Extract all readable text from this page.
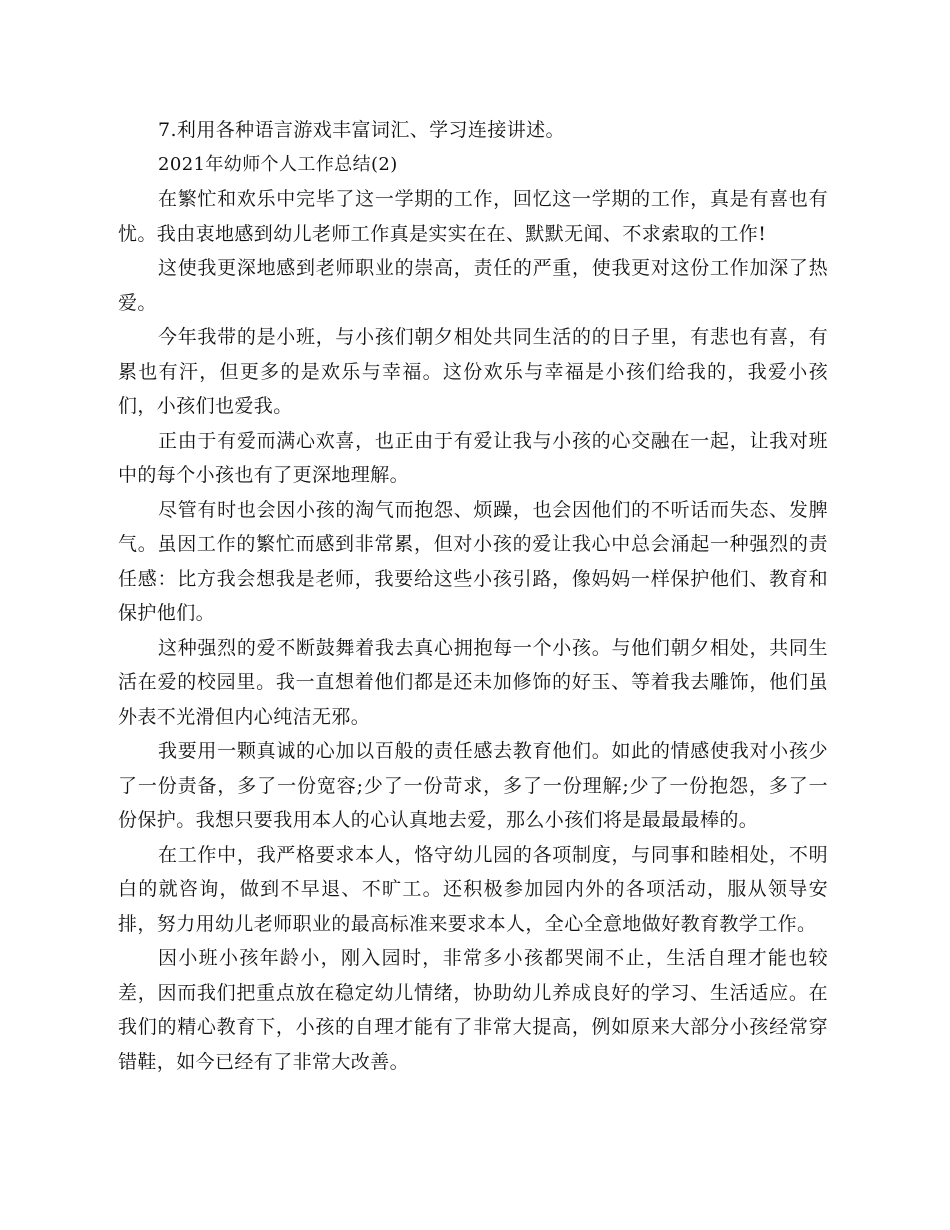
7.利用各种语言游戏丰富词汇、学习连接讲述。

2021年幼师个人工作总结(2)

在繁忙和欢乐中完毕了这一学期的工作，回忆这一学期的工作，真是有喜也有忧。我由衷地感到幼儿老师工作真是实实在在、默默无闻、不求索取的工作!

这使我更深地感到老师职业的崇高，责任的严重，使我更对这份工作加深了热爱。

今年我带的是小班，与小孩们朝夕相处共同生活的的日子里，有悲也有喜，有累也有汗，但更多的是欢乐与幸福。这份欢乐与幸福是小孩们给我的，我爱小孩们，小孩们也爱我。

正由于有爱而满心欢喜，也正由于有爱让我与小孩的心交融在一起，让我对班中的每个小孩也有了更深地理解。

尽管有时也会因小孩的淘气而抱怨、烦躁，也会因他们的不听话而失态、发脾气。虽因工作的繁忙而感到非常累，但对小孩的爱让我心中总会涌起一种强烈的责任感：比方我会想我是老师，我要给这些小孩引路，像妈妈一样保护他们、教育和保护他们。

这种强烈的爱不断鼓舞着我去真心拥抱每一个小孩。与他们朝夕相处，共同生活在爱的校园里。我一直想着他们都是还未加修饰的好玉、等着我去雕饰，他们虽外表不光滑但内心纯洁无邪。

我要用一颗真诚的心加以百般的责任感去教育他们。如此的情感使我对小孩少了一份责备，多了一份宽容;少了一份苛求，多了一份理解;少了一份抱怨，多了一份保护。我想只要我用本人的心认真地去爱，那么小孩们将是最最最棒的。

在工作中，我严格要求本人，恪守幼儿园的各项制度，与同事和睦相处，不明白的就咨询，做到不早退、不旷工。还积极参加园内外的各项活动，服从领导安排，努力用幼儿老师职业的最高标准来要求本人，全心全意地做好教育教学工作。

因小班小孩年龄小，刚入园时，非常多小孩都哭闹不止，生活自理才能也较差，因而我们把重点放在稳定幼儿情绪，协助幼儿养成良好的学习、生活适应。在我们的精心教育下，小孩的自理才能有了非常大提高，例如原来大部分小孩经常穿错鞋，如今已经有了非常大改善。
